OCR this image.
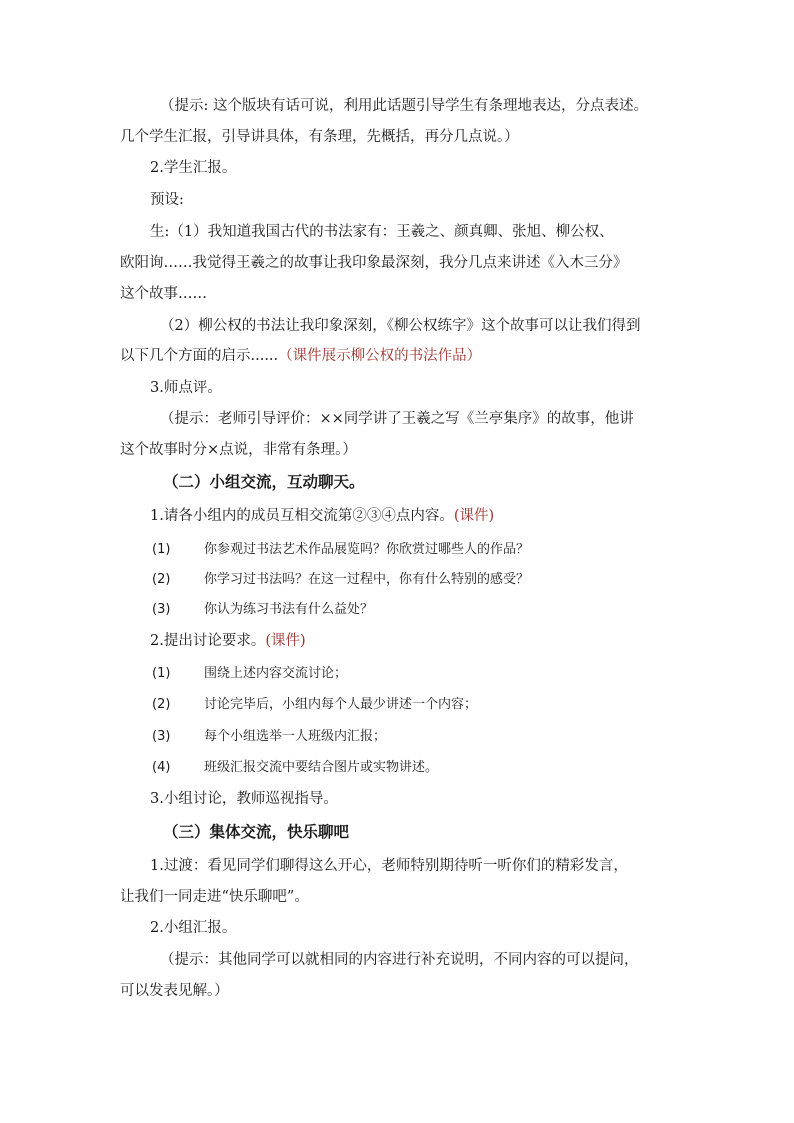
（提示: 这个版块有话可说，利用此话题引导学生有条理地表达，分点表述。
几个学生汇报，引导讲具体，有条理，先概括，再分几点说。）
2.学生汇报。
预设:
生:（1）我知道我国古代的书法家有：王羲之、颜真卿、张旭、柳公权、
欧阳询……我觉得王羲之的故事让我印象最深刻，我分几点来讲述《入木三分》
这个故事……
（2）柳公权的书法让我印象深刻，《柳公权练字》这个故事可以让我们得到
以下几个方面的启示......（课件展示柳公权的书法作品）
3.师点评。
（提示：老师引导评价：××同学讲了王羲之写《兰亭集序》的故事，他讲
这个故事时分×点说，非常有条理。）
（二）小组交流，互动聊天。
1.请各小组内的成员互相交流第②③④点内容。(课件)
(1)	你参观过书法艺术作品展览吗？你欣赏过哪些人的作品？
(2)	你学习过书法吗？在这一过程中，你有什么特别的感受？
(3)	你认为练习书法有什么益处？
2.提出讨论要求。(课件)
(1)	围绕上述内容交流讨论；
(2)	讨论完毕后，小组内每个人最少讲述一个内容；
(3)	每个小组选举一人班级内汇报；
(4)	班级汇报交流中要结合图片或实物讲述。
3.小组讨论，教师巡视指导。
（三）集体交流，快乐聊吧
1.过渡：看见同学们聊得这么开心，老师特别期待听一听你们的精彩发言，
让我们一同走进“快乐聊吧”。
2.小组汇报。
（提示：其他同学可以就相同的内容进行补充说明，不同内容的可以提问，
可以发表见解。）
